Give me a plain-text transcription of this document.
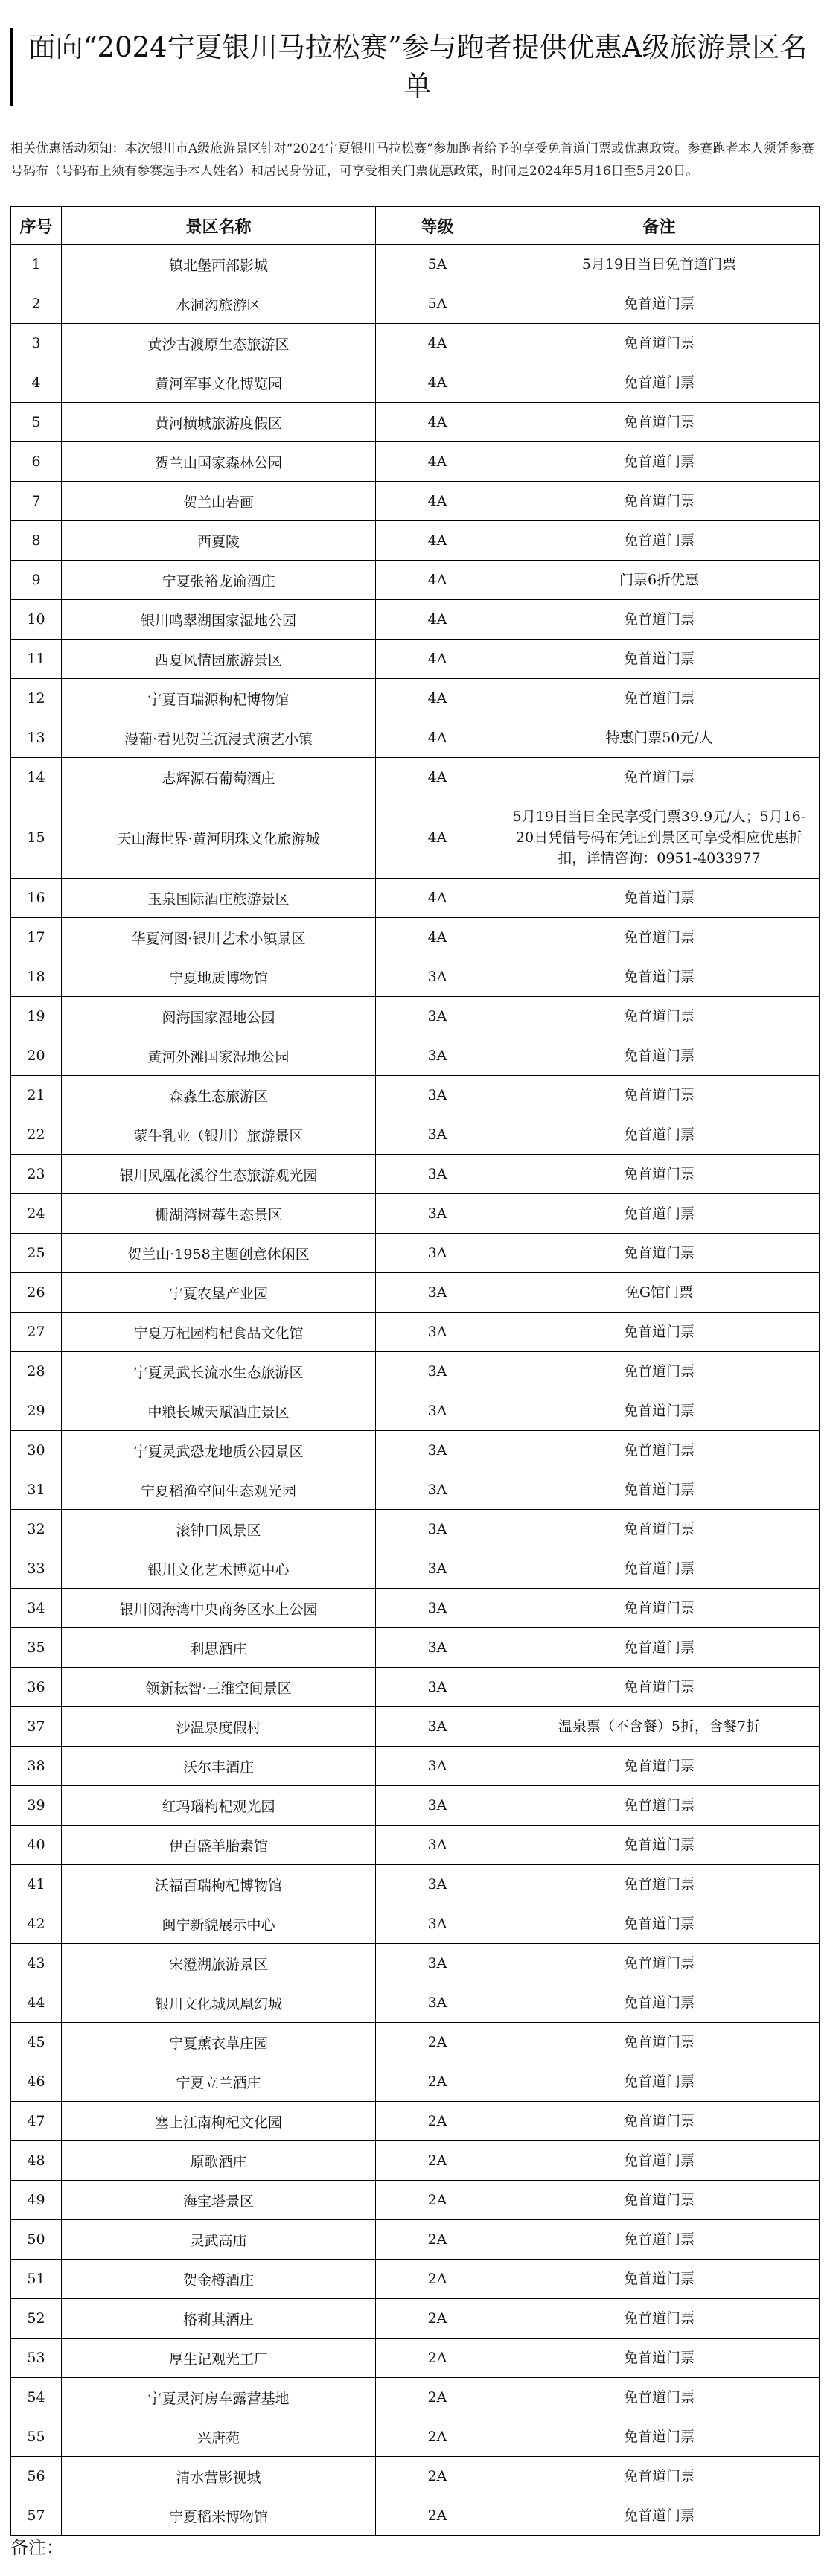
面向“2024宁夏银川马拉松赛”参与跑者提供优惠A级旅游景区名单

相关优惠活动须知：本次银川市A级旅游景区针对“2024宁夏银川马拉松赛”参加跑者给予的享受免首道门票或优惠政策。参赛跑者本人须凭参赛号码布（号码布上须有参赛选手本人姓名）和居民身份证，可享受相关门票优惠政策，时间是2024年5月16日至5月20日。

序号	景区名称	等级	备注
1	镇北堡西部影城	5A	5月19日当日免首道门票
2	水洞沟旅游区	5A	免首道门票
3	黄沙古渡原生态旅游区	4A	免首道门票
4	黄河军事文化博览园	4A	免首道门票
5	黄河横城旅游度假区	4A	免首道门票
6	贺兰山国家森林公园	4A	免首道门票
7	贺兰山岩画	4A	免首道门票
8	西夏陵	4A	免首道门票
9	宁夏张裕龙谕酒庄	4A	门票6折优惠
10	银川鸣翠湖国家湿地公园	4A	免首道门票
11	西夏风情园旅游景区	4A	免首道门票
12	宁夏百瑞源枸杞博物馆	4A	免首道门票
13	漫葡·看见贺兰沉浸式演艺小镇	4A	特惠门票50元/人
14	志辉源石葡萄酒庄	4A	免首道门票
15	天山海世界·黄河明珠文化旅游城	4A	5月19日当日全民享受门票39.9元/人；5月16-20日凭借号码布凭证到景区可享受相应优惠折扣，详情咨询：0951-4033977
16	玉泉国际酒庄旅游景区	4A	免首道门票
17	华夏河图·银川艺术小镇景区	4A	免首道门票
18	宁夏地质博物馆	3A	免首道门票
19	阅海国家湿地公园	3A	免首道门票
20	黄河外滩国家湿地公园	3A	免首道门票
21	森淼生态旅游区	3A	免首道门票
22	蒙牛乳业（银川）旅游景区	3A	免首道门票
23	银川凤凰花溪谷生态旅游观光园	3A	免首道门票
24	栅湖湾树莓生态景区	3A	免首道门票
25	贺兰山·1958主题创意休闲区	3A	免首道门票
26	宁夏农垦产业园	3A	免G馆门票
27	宁夏万杞园枸杞食品文化馆	3A	免首道门票
28	宁夏灵武长流水生态旅游区	3A	免首道门票
29	中粮长城天赋酒庄景区	3A	免首道门票
30	宁夏灵武恐龙地质公园景区	3A	免首道门票
31	宁夏稻渔空间生态观光园	3A	免首道门票
32	滚钟口风景区	3A	免首道门票
33	银川文化艺术博览中心	3A	免首道门票
34	银川阅海湾中央商务区水上公园	3A	免首道门票
35	利思酒庄	3A	免首道门票
36	领新耘智·三维空间景区	3A	免首道门票
37	沙温泉度假村	3A	温泉票（不含餐）5折，含餐7折
38	沃尔丰酒庄	3A	免首道门票
39	红玛瑙枸杞观光园	3A	免首道门票
40	伊百盛羊胎素馆	3A	免首道门票
41	沃福百瑞枸杞博物馆	3A	免首道门票
42	闽宁新貌展示中心	3A	免首道门票
43	宋澄湖旅游景区	3A	免首道门票
44	银川文化城凤凰幻城	3A	免首道门票
45	宁夏薰衣草庄园	2A	免首道门票
46	宁夏立兰酒庄	2A	免首道门票
47	塞上江南枸杞文化园	2A	免首道门票
48	原歌酒庄	2A	免首道门票
49	海宝塔景区	2A	免首道门票
50	灵武高庙	2A	免首道门票
51	贺金樽酒庄	2A	免首道门票
52	格莉其酒庄	2A	免首道门票
53	厚生记观光工厂	2A	免首道门票
54	宁夏灵河房车露营基地	2A	免首道门票
55	兴唐苑	2A	免首道门票
56	清水营影视城	2A	免首道门票
57	宁夏稻米博物馆	2A	免首道门票
备注：
